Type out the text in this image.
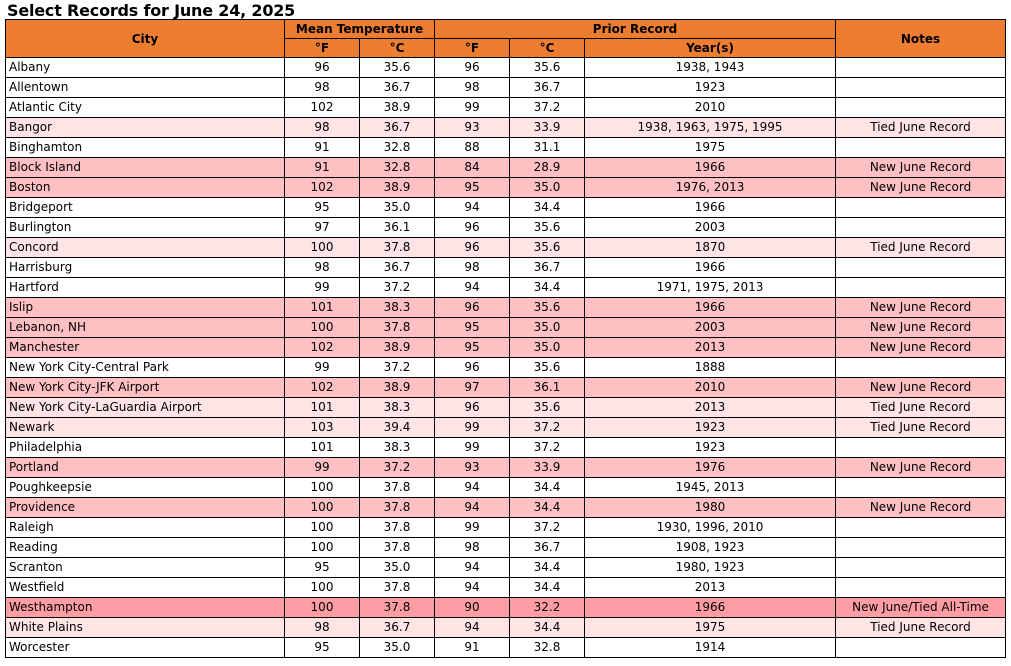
Select Records for June 24, 2025
City	Mean Temperature		Prior Record			Notes
	°F	°C	°F	°C	Year(s)	
Albany	96	35.6	96	35.6	1938, 1943	
Allentown	98	36.7	98	36.7	1923	
Atlantic City	102	38.9	99	37.2	2010	
Bangor	98	36.7	93	33.9	1938, 1963, 1975, 1995	Tied June Record
Binghamton	91	32.8	88	31.1	1975	
Block Island	91	32.8	84	28.9	1966	New June Record
Boston	102	38.9	95	35.0	1976, 2013	New June Record
Bridgeport	95	35.0	94	34.4	1966	
Burlington	97	36.1	96	35.6	2003	
Concord	100	37.8	96	35.6	1870	Tied June Record
Harrisburg	98	36.7	98	36.7	1966	
Hartford	99	37.2	94	34.4	1971, 1975, 2013	
Islip	101	38.3	96	35.6	1966	New June Record
Lebanon, NH	100	37.8	95	35.0	2003	New June Record
Manchester	102	38.9	95	35.0	2013	New June Record
New York City-Central Park	99	37.2	96	35.6	1888	
New York City-JFK Airport	102	38.9	97	36.1	2010	New June Record
New York City-LaGuardia Airport	101	38.3	96	35.6	2013	Tied June Record
Newark	103	39.4	99	37.2	1923	Tied June Record
Philadelphia	101	38.3	99	37.2	1923	
Portland	99	37.2	93	33.9	1976	New June Record
Poughkeepsie	100	37.8	94	34.4	1945, 2013	
Providence	100	37.8	94	34.4	1980	New June Record
Raleigh	100	37.8	99	37.2	1930, 1996, 2010	
Reading	100	37.8	98	36.7	1908, 1923	
Scranton	95	35.0	94	34.4	1980, 1923	
Westfield	100	37.8	94	34.4	2013	
Westhampton	100	37.8	90	32.2	1966	New June/Tied All-Time
White Plains	98	36.7	94	34.4	1975	Tied June Record
Worcester	95	35.0	91	32.8	1914	
